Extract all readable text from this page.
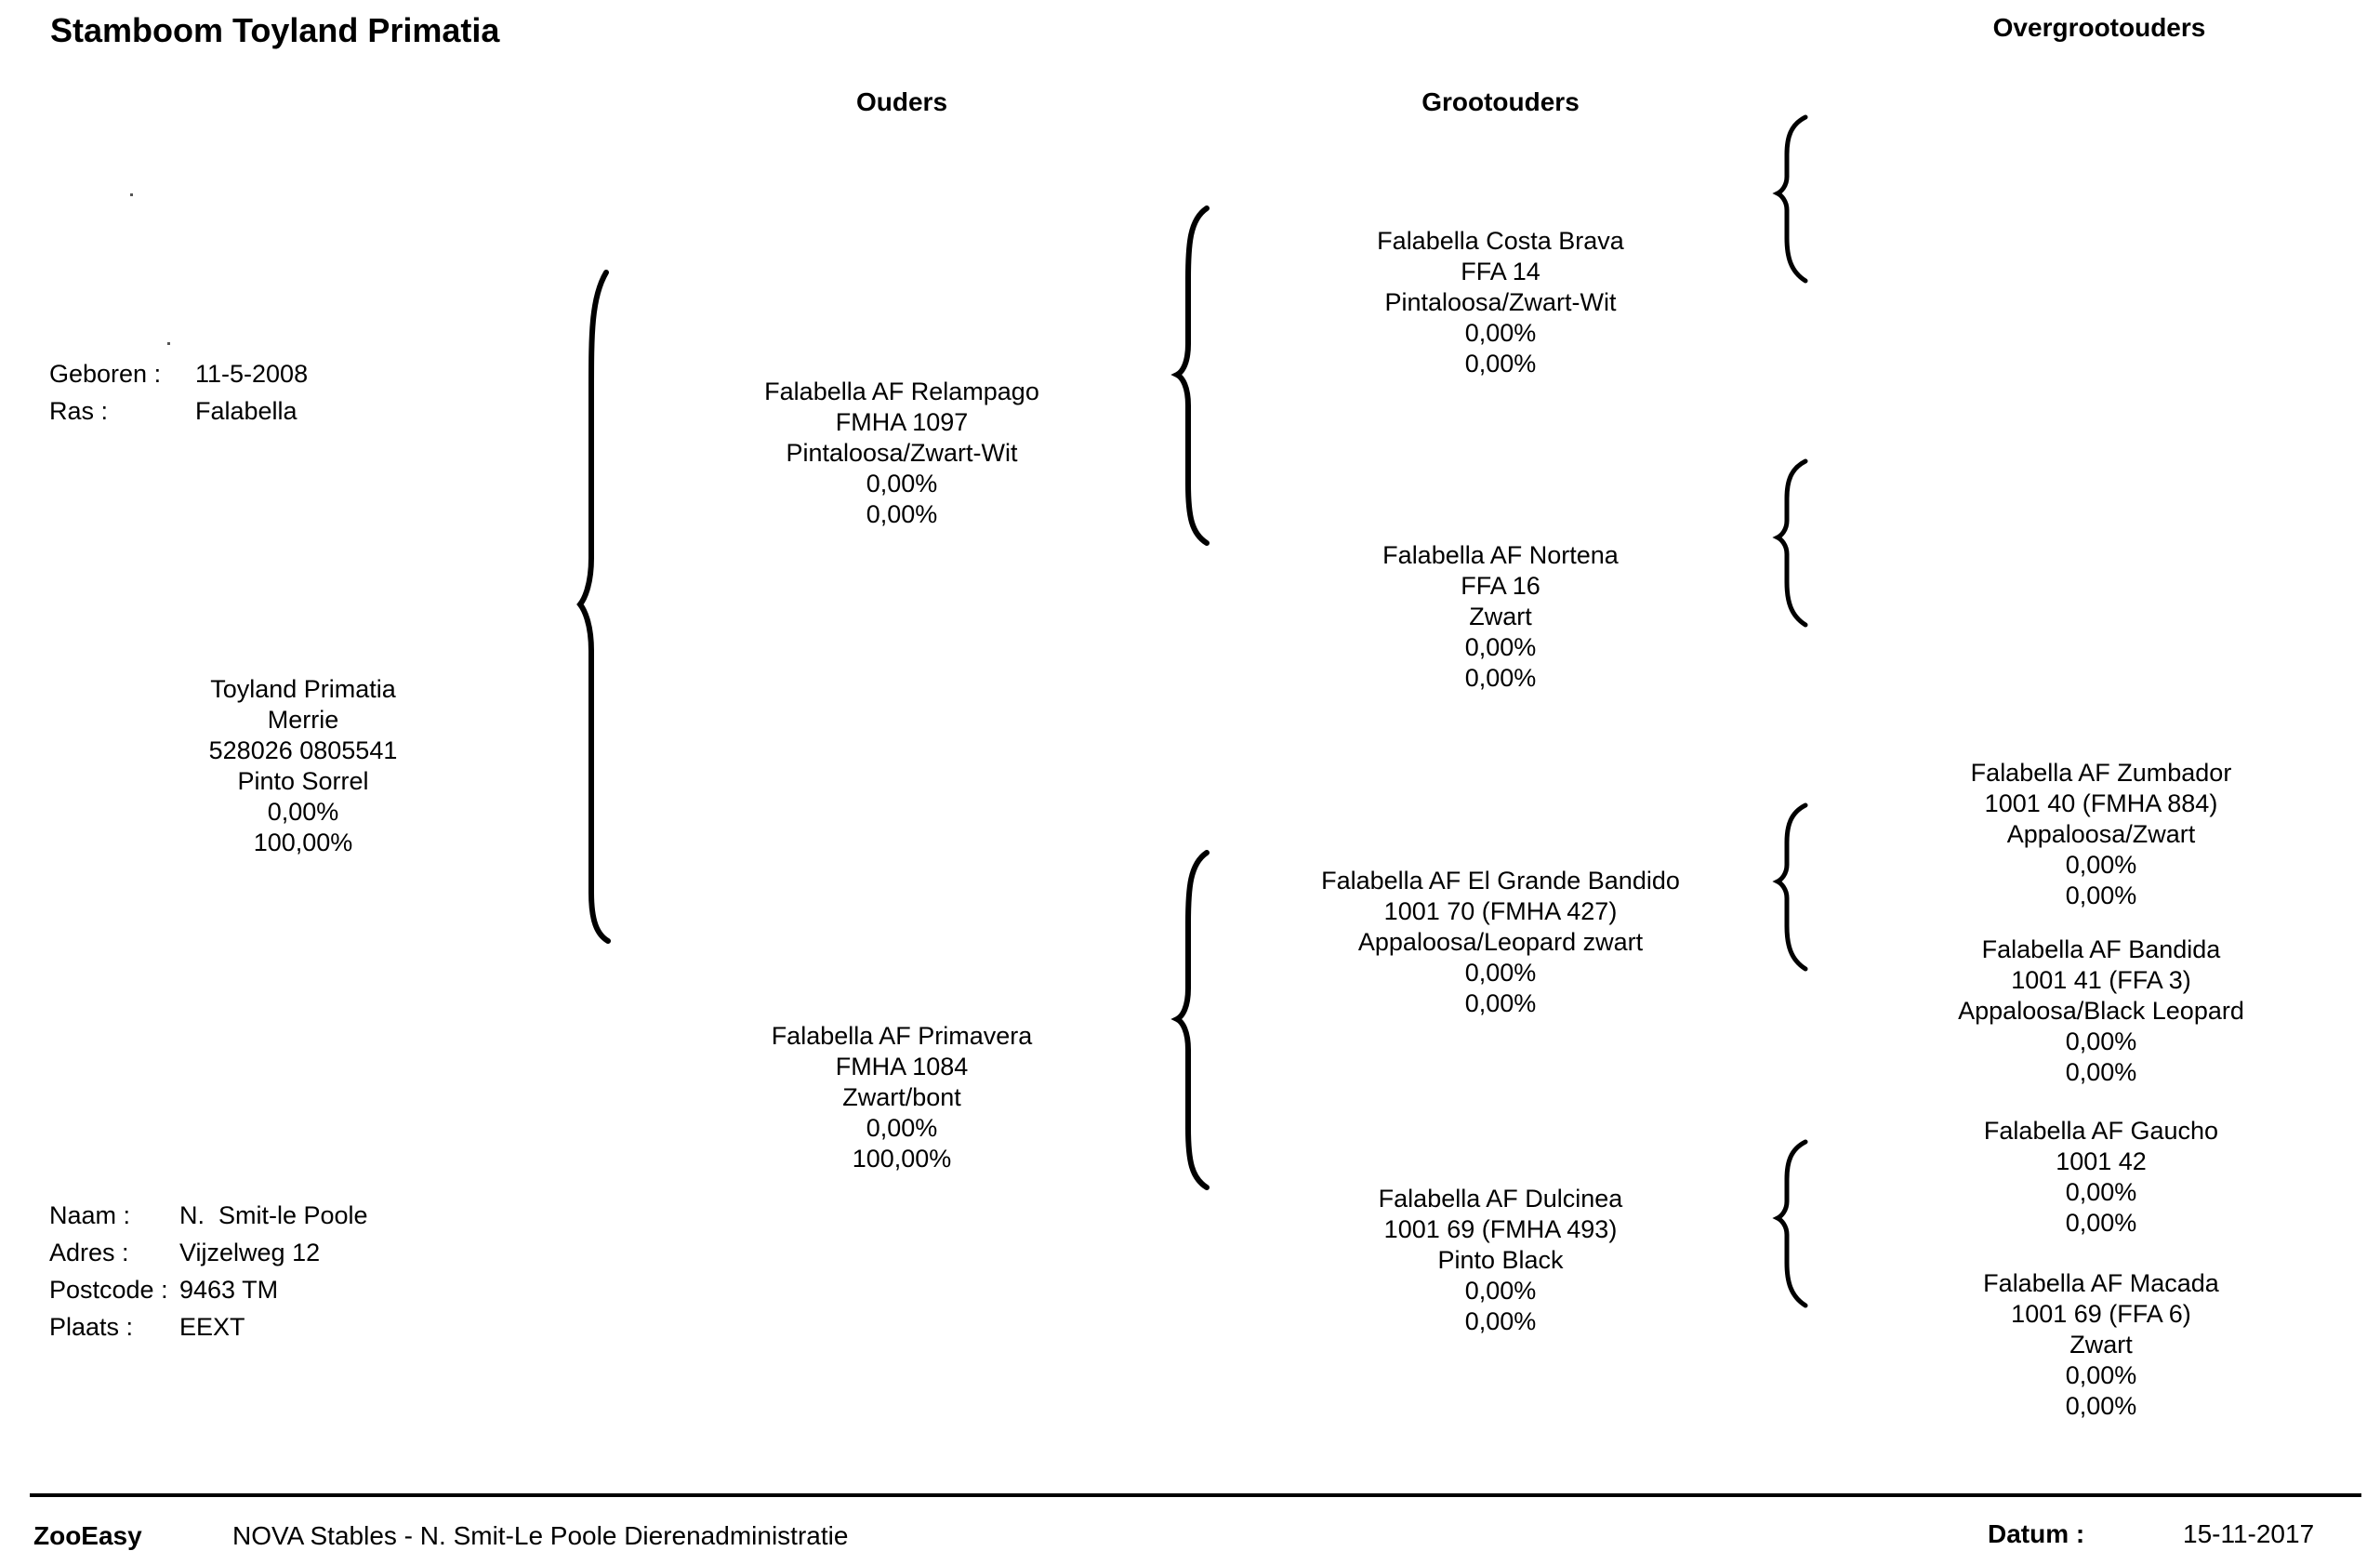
Stamboom Toyland Primatia
Ouders	Grootouders
Overgrootouders
Geboren :	11-5-2008
Ras :	Falabella
Toyland Primatia
Merrie
528026 0805541
Pinto Sorrel
0,00%
100,00%
Naam :	N.  Smit-le Poole
Adres :	Vijzelweg 12
Postcode : 9463 TM
Plaats :	EEXT
Falabella AF Relampago
FMHA 1097
Pintaloosa/Zwart-Wit
0,00%
0,00%
Falabella AF Primavera
FMHA 1084
Zwart/bont
0,00%
100,00%
Falabella Costa Brava
FFA 14
Pintaloosa/Zwart-Wit
0,00%
0,00%
Falabella AF Nortena
FFA 16
Zwart
0,00%
0,00%
Falabella AF El Grande Bandido
1001 70 (FMHA 427)
Appaloosa/Leopard zwart
0,00%
0,00%
Falabella AF Dulcinea
1001 69 (FMHA 493)
Pinto Black
0,00%
0,00%
Falabella AF Zumbador
1001 40 (FMHA 884)
Appaloosa/Zwart
0,00%
0,00%
Falabella AF Bandida
1001 41 (FFA 3)
Appaloosa/Black Leopard
0,00%
0,00%
Falabella AF Gaucho
1001 42
0,00%
0,00%
Falabella AF Macada
1001 69 (FFA 6)
Zwart
0,00%
0,00%
ZooEasy	NOVA Stables - N. Smit-Le Poole Dierenadministratie	Datum :	15-11-2017
